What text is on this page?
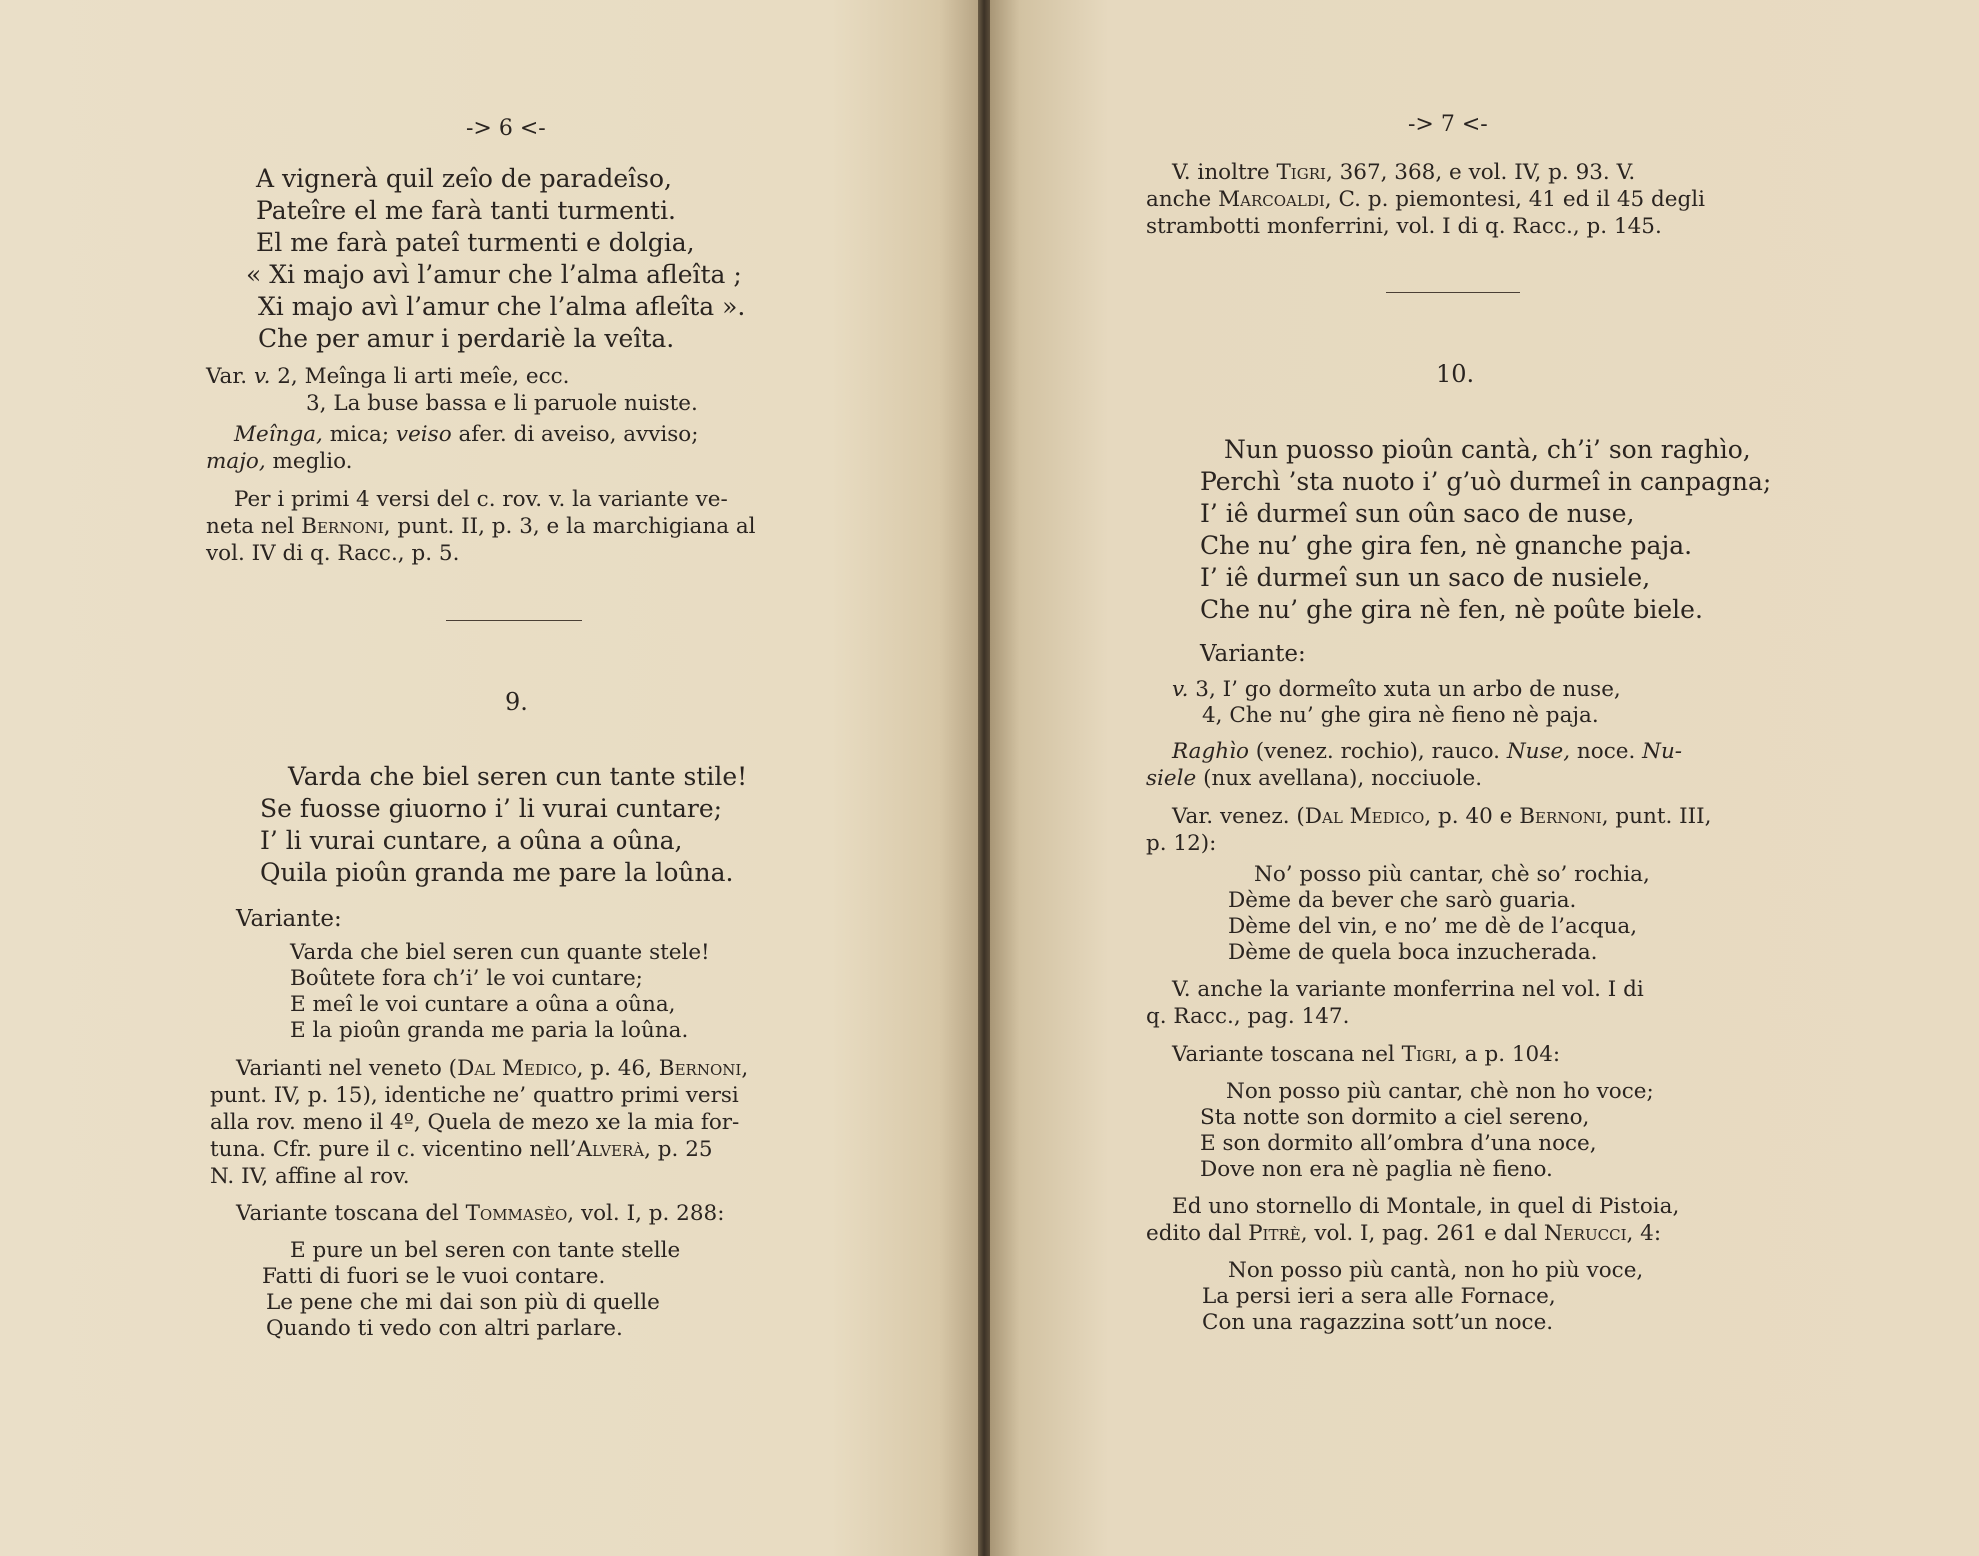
-> 6 <-
A vignerà quil zeîo de paradeîso,
Pateîre el me farà tanti turmenti.
El me farà pateî turmenti e dolgia,
« Xi majo avì l’amur che l’alma afleîta ;
Xi majo avì l’amur che l’alma afleîta ».
Che per amur i perdariè la veîta.
Var. v. 2, Meînga li arti meîe, ecc.
3, La buse bassa e li paruole nuiste.
Meînga, mica; veiso afer. di aveiso, avviso;
majo, meglio.
Per i primi 4 versi del c. rov. v. la variante ve-
neta nel Bernoni, punt. II, p. 3, e la marchigiana al
vol. IV di q. Racc., p. 5.
9.
Varda che biel seren cun tante stile!
Se fuosse giuorno i’ li vurai cuntare;
I’ li vurai cuntare, a oûna a oûna,
Quila pioûn granda me pare la loûna.
Variante:
Varda che biel seren cun quante stele!
Boûtete fora ch’i’ le voi cuntare;
E meî le voi cuntare a oûna a oûna,
E la pioûn granda me paria la loûna.
Varianti nel veneto (Dal Medico, p. 46, Bernoni,
punt. IV, p. 15), identiche ne’ quattro primi versi
alla rov. meno il 4º, Quela de mezo xe la mia for-
tuna. Cfr. pure il c. vicentino nell’Alverà, p. 25
N. IV, affine al rov.
Variante toscana del Tommasèo, vol. I, p. 288:
E pure un bel seren con tante stelle
Fatti di fuori se le vuoi contare.
Le pene che mi dai son più di quelle
Quando ti vedo con altri parlare.
-> 7 <-
V. inoltre Tigri, 367, 368, e vol. IV, p. 93. V.
anche Marcoaldi, C. p. piemontesi, 41 ed il 45 degli
strambotti monferrini, vol. I di q. Racc., p. 145.
10.
Nun puosso pioûn cantà, ch’i’ son raghìo,
Perchì ’sta nuoto i’ g’uò durmeî in canpagna;
I’ iê durmeî sun oûn saco de nuse,
Che nu’ ghe gira fen, nè gnanche paja.
I’ iê durmeî sun un saco de nusiele,
Che nu’ ghe gira nè fen, nè poûte biele.
Variante:
v. 3, I’ go dormeîto xuta un arbo de nuse,
4, Che nu’ ghe gira nè fieno nè paja.
Raghìo (venez. rochio), rauco. Nuse, noce. Nu-
siele (nux avellana), nocciuole.
Var. venez. (Dal Medico, p. 40 e Bernoni, punt. III,
p. 12):
No’ posso più cantar, chè so’ rochia,
Dème da bever che sarò guaria.
Dème del vin, e no’ me dè de l’acqua,
Dème de quela boca inzucherada.
V. anche la variante monferrina nel vol. I di
q. Racc., pag. 147.
Variante toscana nel Tigri, a p. 104:
Non posso più cantar, chè non ho voce;
Sta notte son dormito a ciel sereno,
E son dormito all’ombra d’una noce,
Dove non era nè paglia nè fieno.
Ed uno stornello di Montale, in quel di Pistoia,
edito dal Pitrè, vol. I, pag. 261 e dal Nerucci, 4:
Non posso più cantà, non ho più voce,
La persi ieri a sera alle Fornace,
Con una ragazzina sott’un noce.
